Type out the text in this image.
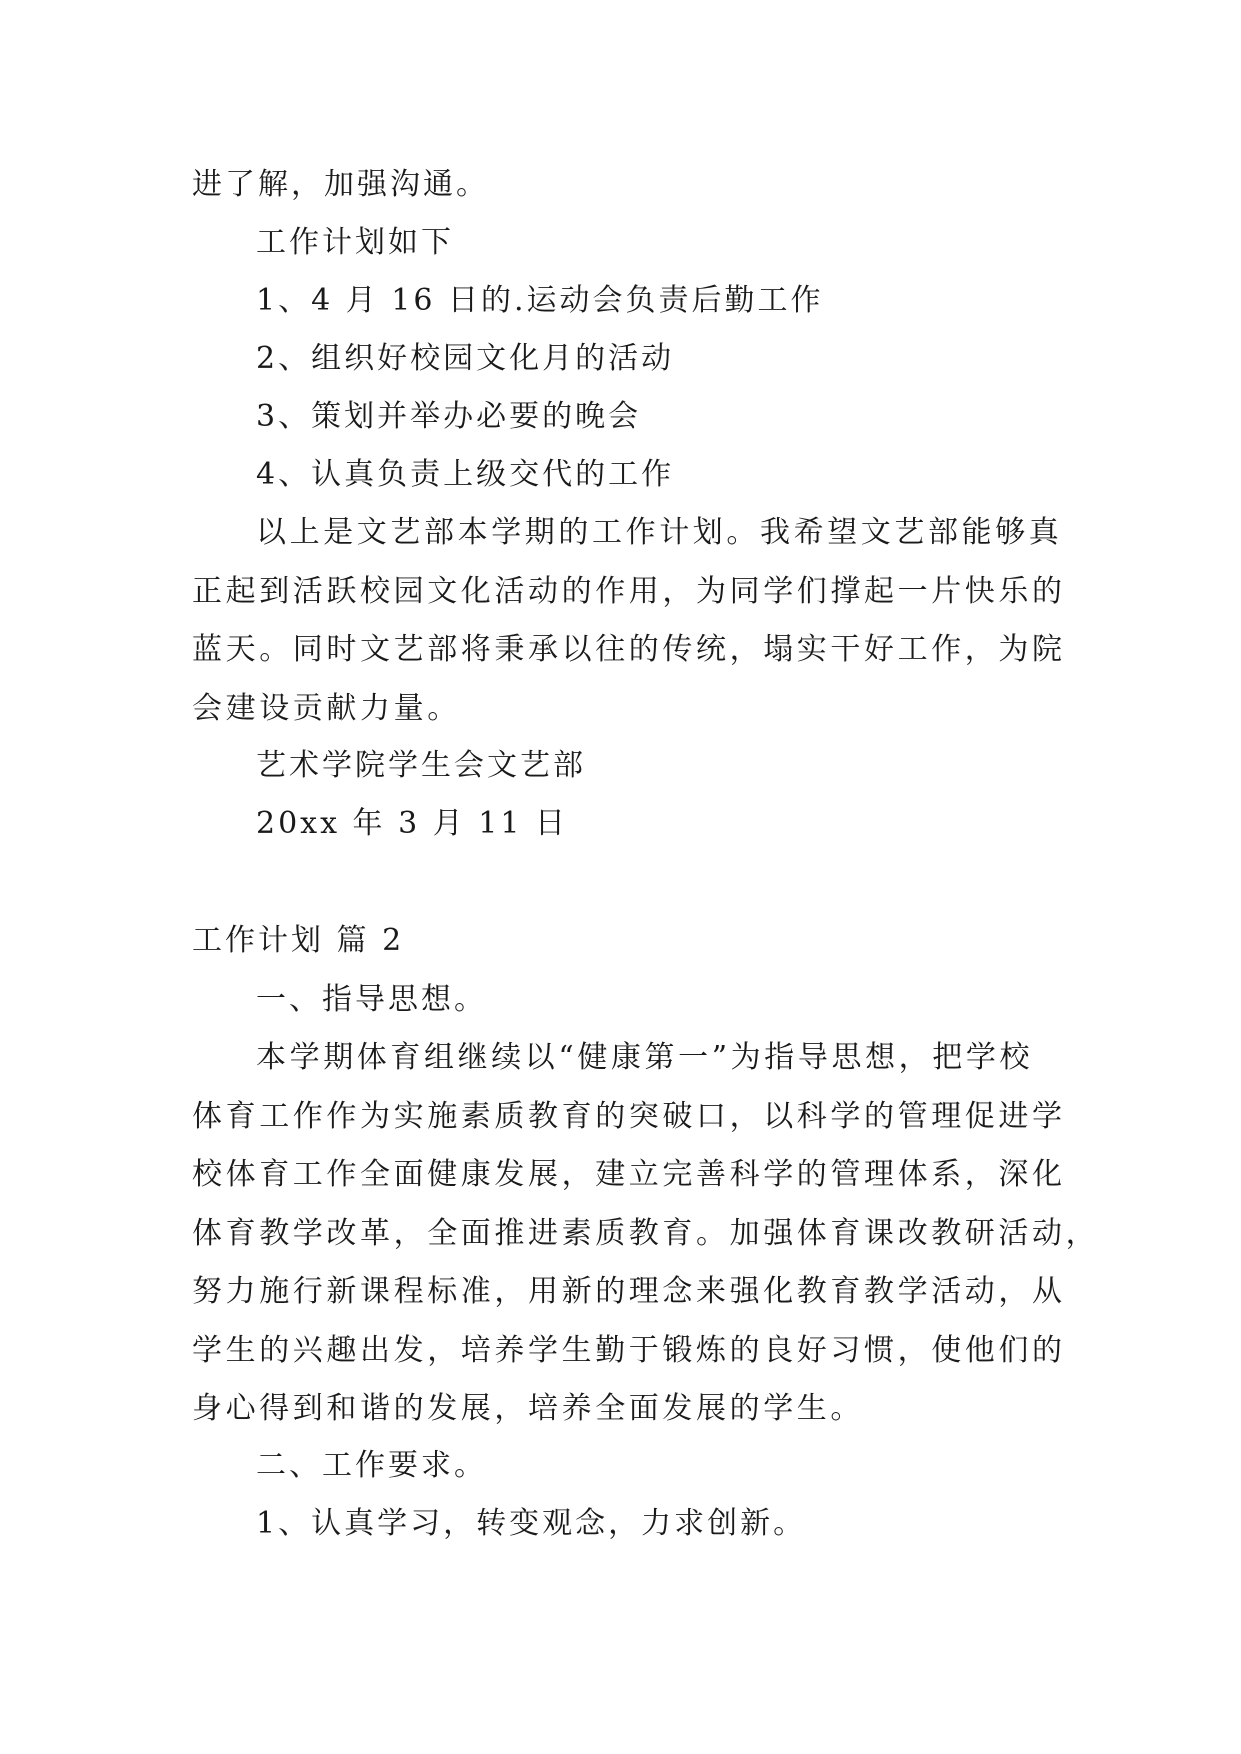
进了解，加强沟通。
工作计划如下
1、4 月 16 日的.运动会负责后勤工作
2、组织好校园文化月的活动
3、策划并举办必要的晚会
4、认真负责上级交代的工作
以上是文艺部本学期的工作计划。我希望文艺部能够真
正起到活跃校园文化活动的作用，为同学们撑起一片快乐的
蓝天。同时文艺部将秉承以往的传统，塌实干好工作，为院
会建设贡献力量。
艺术学院学生会文艺部
20xx 年 3 月 11 日
工作计划 篇 2
一、指导思想。
本学期体育组继续以“健康第一”为指导思想，把学校
体育工作作为实施素质教育的突破口，以科学的管理促进学
校体育工作全面健康发展，建立完善科学的管理体系，深化
体育教学改革，全面推进素质教育。加强体育课改教研活动，
努力施行新课程标准，用新的理念来强化教育教学活动，从
学生的兴趣出发，培养学生勤于锻炼的良好习惯，使他们的
身心得到和谐的发展，培养全面发展的学生。
二、工作要求。
1、认真学习，转变观念，力求创新。
